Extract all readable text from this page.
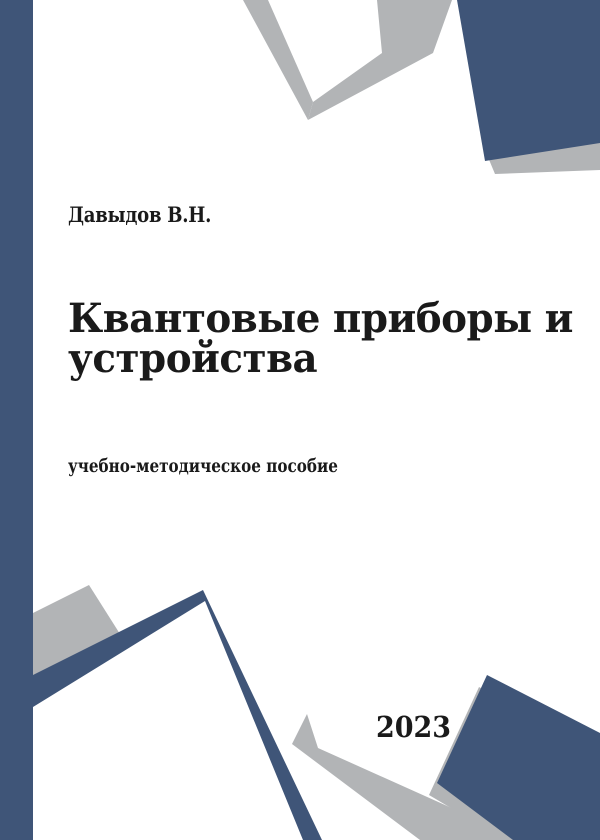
Давыдов В.Н.
Квантовые приборы и
устройства
учебно-методическое пособие
2023
